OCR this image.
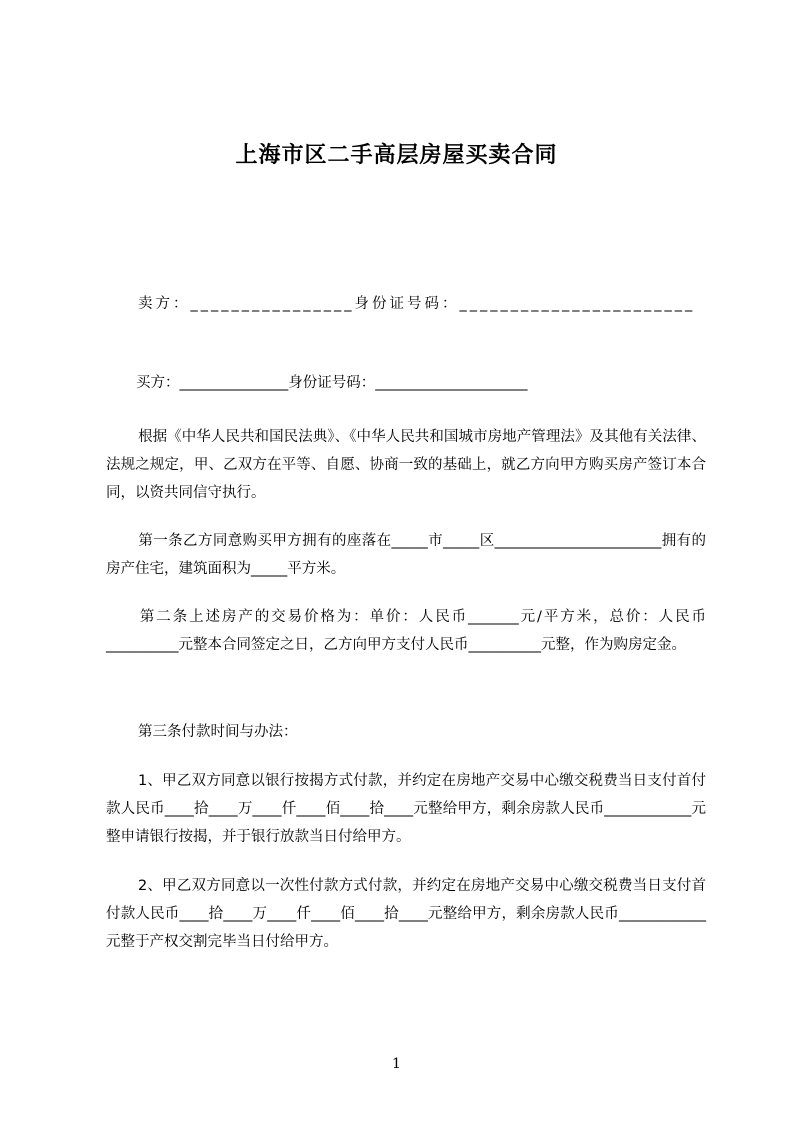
上海市区二手高层房屋买卖合同
卖方：________________身份证号码：_______________________
买方：_______________身份证号码：_____________________
根据《中华人民共和国民法典》、《中华人民共和国城市房地产管理法》及其他有关法律、法规之规定，甲、乙双方在平等、自愿、协商一致的基础上，就乙方向甲方购买房产签订本合同，以资共同信守执行。
第一条乙方同意购买甲方拥有的座落在_____市_____区_______________________拥有的房产住宅，建筑面积为_____平方米。
第二条上述房产的交易价格为：单价：人民币_______元/平方米，总价：人民币__________元整本合同签定之日，乙方向甲方支付人民币__________元整，作为购房定金。
第三条付款时间与办法：
1、甲乙双方同意以银行按揭方式付款，并约定在房地产交易中心缴交税费当日支付首付款人民币____拾____万____仟____佰____拾____元整给甲方，剩余房款人民币____________元整申请银行按揭，并于银行放款当日付给甲方。
2、甲乙双方同意以一次性付款方式付款，并约定在房地产交易中心缴交税费当日支付首付款人民币____拾____万____仟____佰____拾____元整给甲方，剩余房款人民币____________元整于产权交割完毕当日付给甲方。
1
